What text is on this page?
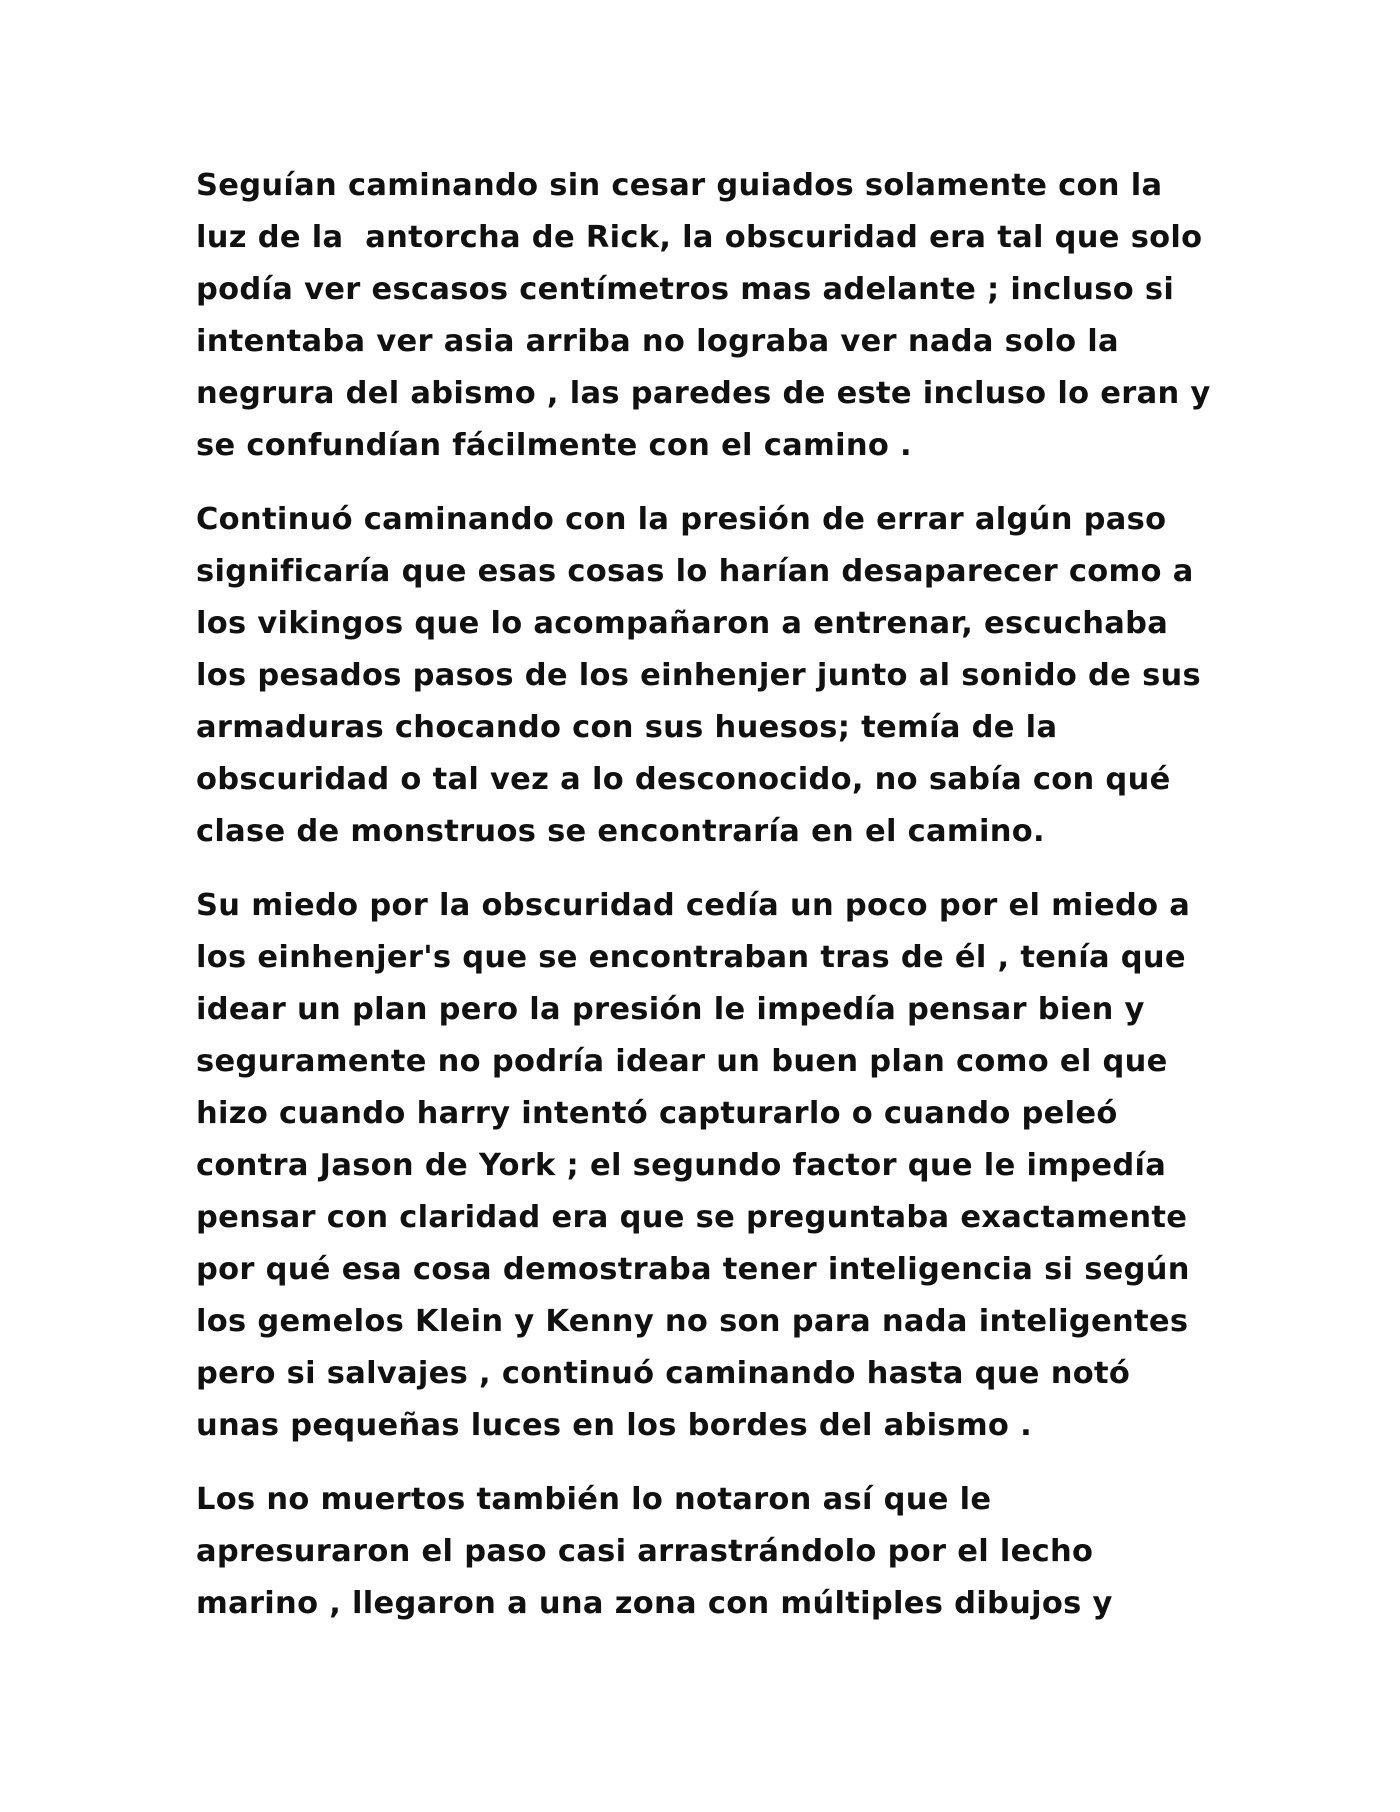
Seguían caminando sin cesar guiados solamente con la
luz de la  antorcha de Rick, la obscuridad era tal que solo
podía ver escasos centímetros mas adelante ; incluso si
intentaba ver asia arriba no lograba ver nada solo la
negrura del abismo , las paredes de este incluso lo eran y
se confundían fácilmente con el camino .

Continuó caminando con la presión de errar algún paso
significaría que esas cosas lo harían desaparecer como a
los vikingos que lo acompañaron a entrenar, escuchaba
los pesados pasos de los einhenjer junto al sonido de sus
armaduras chocando con sus huesos; temía de la
obscuridad o tal vez a lo desconocido, no sabía con qué
clase de monstruos se encontraría en el camino.

Su miedo por la obscuridad cedía un poco por el miedo a
los einhenjer's que se encontraban tras de él , tenía que
idear un plan pero la presión le impedía pensar bien y
seguramente no podría idear un buen plan como el que
hizo cuando harry intentó capturarlo o cuando peleó
contra Jason de York ; el segundo factor que le impedía
pensar con claridad era que se preguntaba exactamente
por qué esa cosa demostraba tener inteligencia si según
los gemelos Klein y Kenny no son para nada inteligentes
pero si salvajes , continuó caminando hasta que notó
unas pequeñas luces en los bordes del abismo .

Los no muertos también lo notaron así que le
apresuraron el paso casi arrastrándolo por el lecho
marino , llegaron a una zona con múltiples dibujos y
